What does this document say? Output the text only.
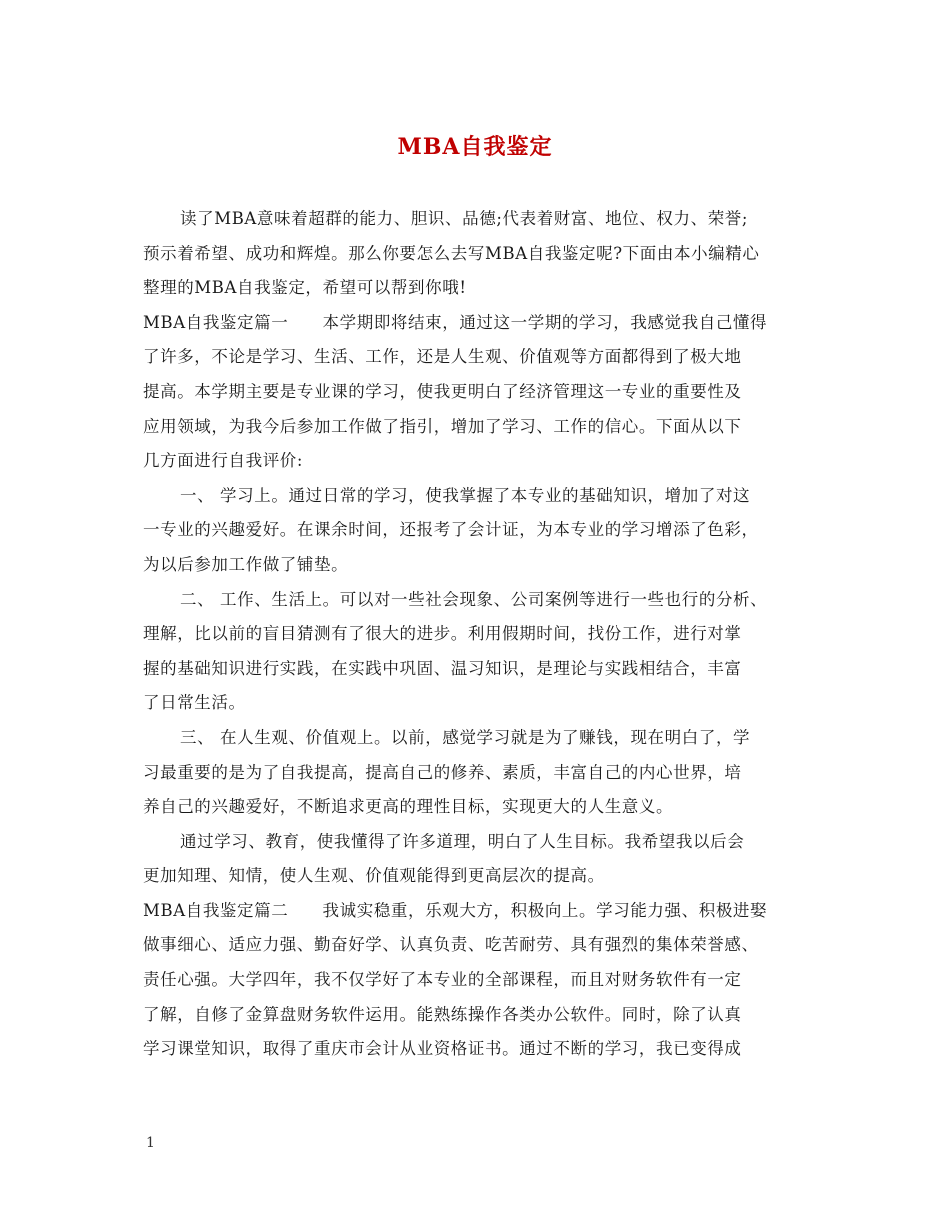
MBA自我鉴定
读了MBA意味着超群的能力、胆识、品德;代表着财富、地位、权力、荣誉;
预示着希望、成功和辉煌。那么你要怎么去写MBA自我鉴定呢?下面由本小编精心
整理的MBA自我鉴定，希望可以帮到你哦!
MBA自我鉴定篇一　　本学期即将结束，通过这一学期的学习，我感觉我自己懂得
了许多，不论是学习、生活、工作，还是人生观、价值观等方面都得到了极大地
提高。本学期主要是专业课的学习，使我更明白了经济管理这一专业的重要性及
应用领域，为我今后参加工作做了指引，增加了学习、工作的信心。下面从以下
几方面进行自我评价:
一、 学习上。通过日常的学习，使我掌握了本专业的基础知识，增加了对这
一专业的兴趣爱好。在课余时间，还报考了会计证，为本专业的学习增添了色彩，
为以后参加工作做了铺垫。
二、 工作、生活上。可以对一些社会现象、公司案例等进行一些也行的分析、
理解，比以前的盲目猜测有了很大的进步。利用假期时间，找份工作，进行对掌
握的基础知识进行实践，在实践中巩固、温习知识，是理论与实践相结合，丰富
了日常生活。
三、 在人生观、价值观上。以前，感觉学习就是为了赚钱，现在明白了，学
习最重要的是为了自我提高，提高自己的修养、素质，丰富自己的内心世界，培
养自己的兴趣爱好，不断追求更高的理性目标，实现更大的人生意义。
通过学习、教育，使我懂得了许多道理，明白了人生目标。我希望我以后会
更加知理、知情，使人生观、价值观能得到更高层次的提高。
MBA自我鉴定篇二　　我诚实稳重，乐观大方，积极向上。学习能力强、积极进娶
做事细心、适应力强、勤奋好学、认真负责、吃苦耐劳、具有强烈的集体荣誉感、
责任心强。大学四年，我不仅学好了本专业的全部课程，而且对财务软件有一定
了解，自修了金算盘财务软件运用。能熟练操作各类办公软件。同时，除了认真
学习课堂知识，取得了重庆市会计从业资格证书。通过不断的学习，我已变得成
1
